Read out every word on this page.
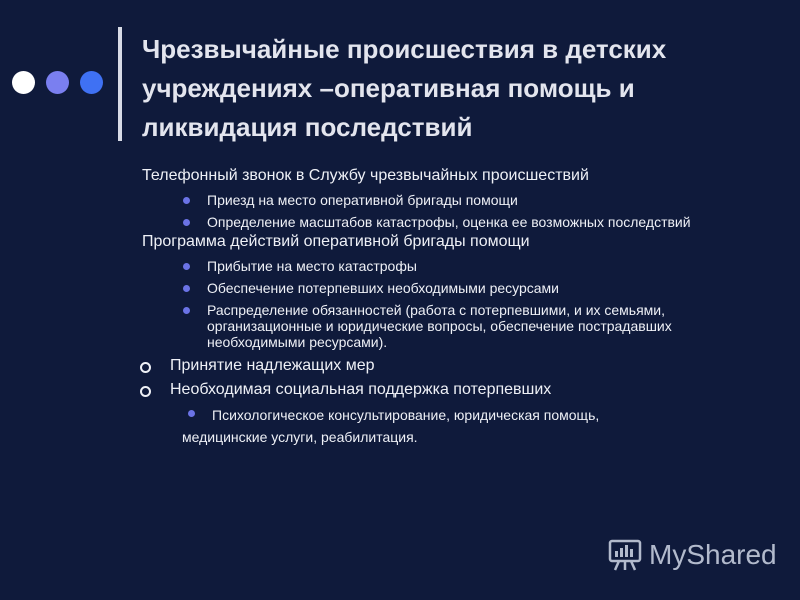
Чрезвычайные происшествия в детских учреждениях –оперативная помощь и ликвидация последствий

Телефонный звонок в Службу чрезвычайных происшествий

Приезд на место оперативной бригады помощи
Определение масштабов катастрофы, оценка ее возможных последствий

Программа действий оперативной бригады помощи

Прибытие на место катастрофы
Обеспечение потерпевших необходимыми ресурсами
Распределение обязанностей (работа с потерпевшими, и их семьями, организационные и юридические вопросы, обеспечение пострадавших необходимыми ресурсами).
Принятие надлежащих мер
Необходимая социальная поддержка потерпевших
Психологическое консультирование, юридическая помощь,
медицинские услуги, реабилитация.
MyShared
